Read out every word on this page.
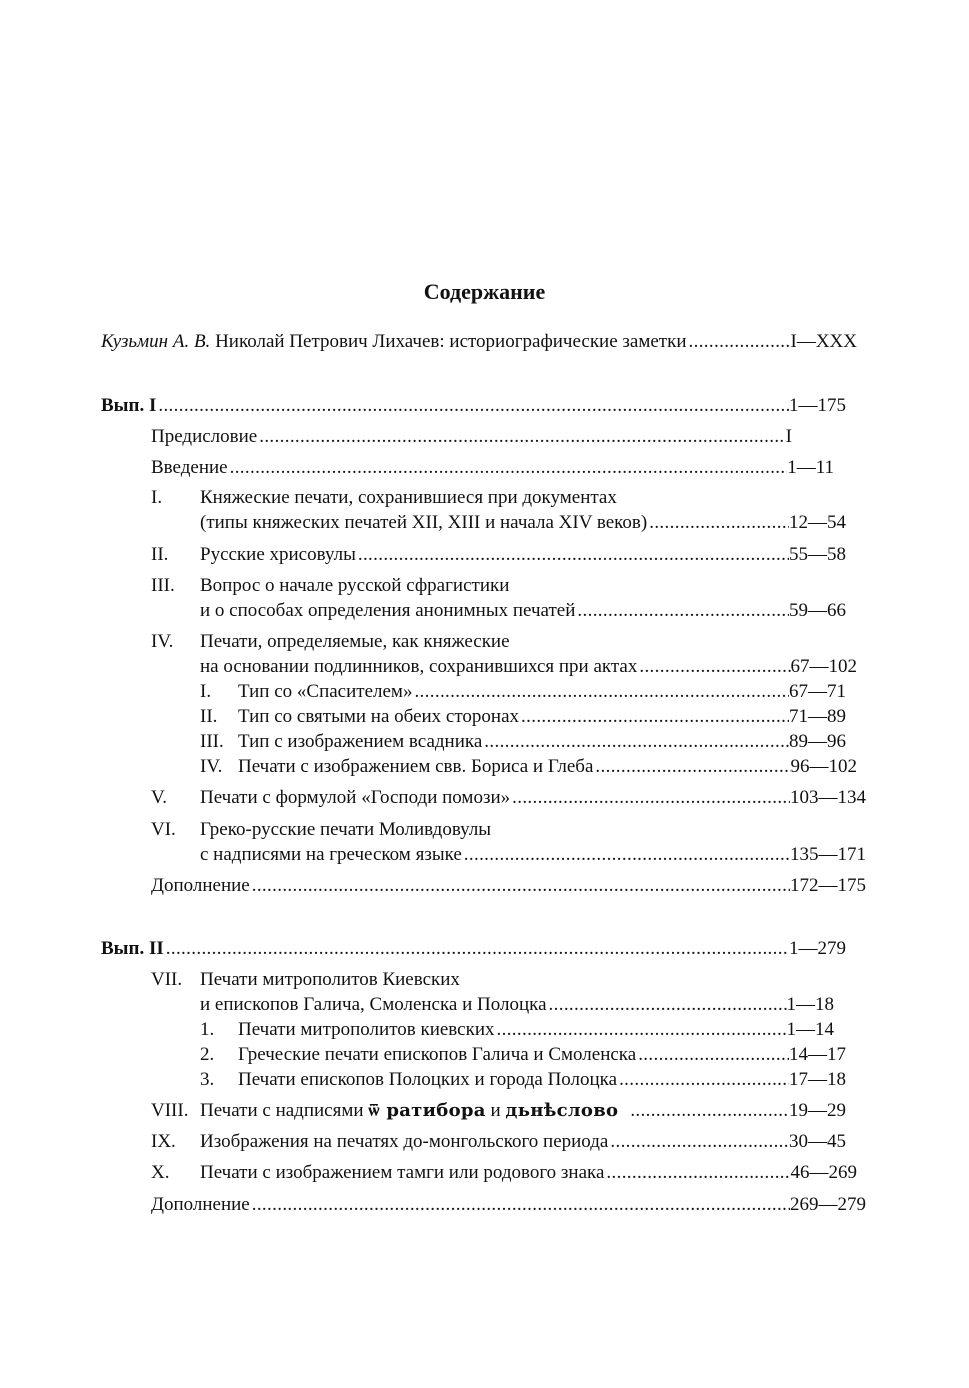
Содержание
Кузьмин А. В. Николай Петрович Лихачев: историографические заметки . . .	I—XXX
Вып. I . . .	1—175
Предисловие . . .	I
Введение . . .	1—11
I. Княжеские печати, сохранившиеся при документах
(типы княжеских печатей XII, XIII и начала XIV веков) . . .	12—54
II. Русские хрисовулы . . .	55—58
III. Вопрос о начале русской сфрагистики
и о способах определения анонимных печатей . . .	59—66
IV. Печати, определяемые, как княжеские
на основании подлинников, сохранившихся при актах . . .	67—102
I. Тип со «Спасителем» . . .	67—71
II. Тип со святыми на обеих сторонах . . .	71—89
III. Тип с изображением всадника . . .	89—96
IV. Печати с изображением свв. Бориса и Глеба . . .	96—102
V. Печати с формулой «Господи помози» . . .	103—134
VI. Греко-русские печати Моливдовулы
с надписями на греческом языке . . .	135—171
Дополнение . . .	172—175
Вып. II . . .	1—279
VII. Печати митрополитов Киевских
и епископов Галича, Смоленска и Полоцка . . .	1—18
1. Печати митрополитов киевских . . .	1—14
2. Греческие печати епископов Галича и Смоленска . . .	14—17
3. Печати епископов Полоцких и города Полоцка . . .	17—18
VIII. Печати с надписями ѿ ратибора и дьнѣслово . . .	19—29
IX. Изображения на печатях до-монгольского периода . . .	30—45
X. Печати с изображением тамги или родового знака . . .	46—269
Дополнение . . .	269—279
